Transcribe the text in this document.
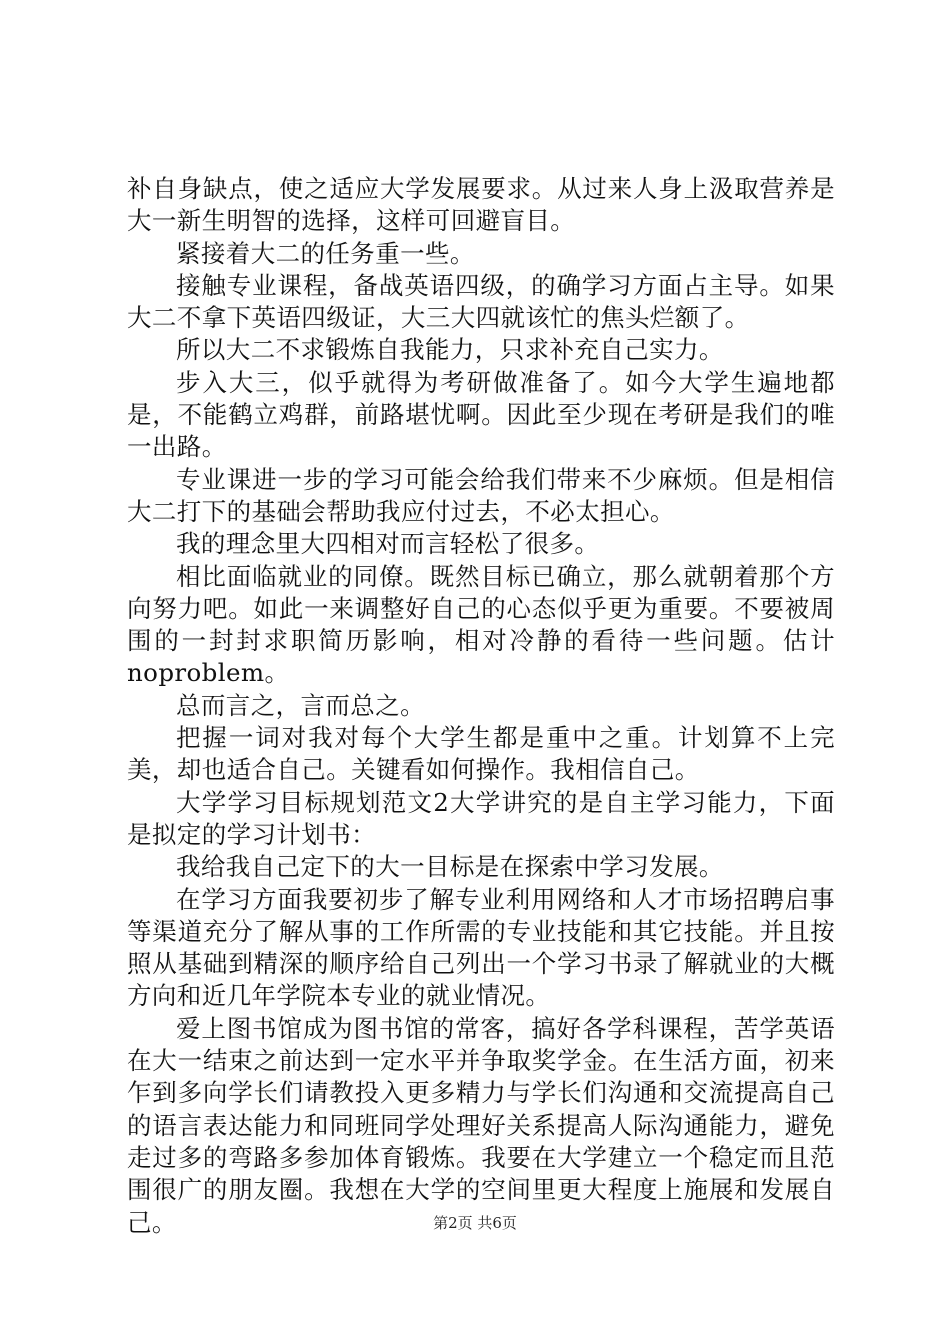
补自身缺点，使之适应大学发展要求。从过来人身上汲取营养是大一新生明智的选择，这样可回避盲目。

紧接着大二的任务重一些。

接触专业课程，备战英语四级，的确学习方面占主导。如果大二不拿下英语四级证，大三大四就该忙的焦头烂额了。

所以大二不求锻炼自我能力，只求补充自己实力。

步入大三，似乎就得为考研做准备了。如今大学生遍地都是，不能鹤立鸡群，前路堪忧啊。因此至少现在考研是我们的唯一出路。

专业课进一步的学习可能会给我们带来不少麻烦。但是相信大二打下的基础会帮助我应付过去，不必太担心。

我的理念里大四相对而言轻松了很多。

相比面临就业的同僚。既然目标已确立，那么就朝着那个方向努力吧。如此一来调整好自己的心态似乎更为重要。不要被周围的一封封求职简历影响，相对冷静的看待一些问题。估计noproblem。

总而言之，言而总之。

把握一词对我对每个大学生都是重中之重。计划算不上完美，却也适合自己。关键看如何操作。我相信自己。

大学学习目标规划范文2大学讲究的是自主学习能力，下面是拟定的学习计划书：

我给我自己定下的大一目标是在探索中学习发展。

在学习方面我要初步了解专业利用网络和人才市场招聘启事等渠道充分了解从事的工作所需的专业技能和其它技能。并且按照从基础到精深的顺序给自己列出一个学习书录了解就业的大概方向和近几年学院本专业的就业情况。

爱上图书馆成为图书馆的常客，搞好各学科课程，苦学英语在大一结束之前达到一定水平并争取奖学金。在生活方面，初来乍到多向学长们请教投入更多精力与学长们沟通和交流提高自己的语言表达能力和同班同学处理好关系提高人际沟通能力，避免走过多的弯路多参加体育锻炼。我要在大学建立一个稳定而且范围很广的朋友圈。我想在大学的空间里更大程度上施展和发展自己。	第2页 共6页
